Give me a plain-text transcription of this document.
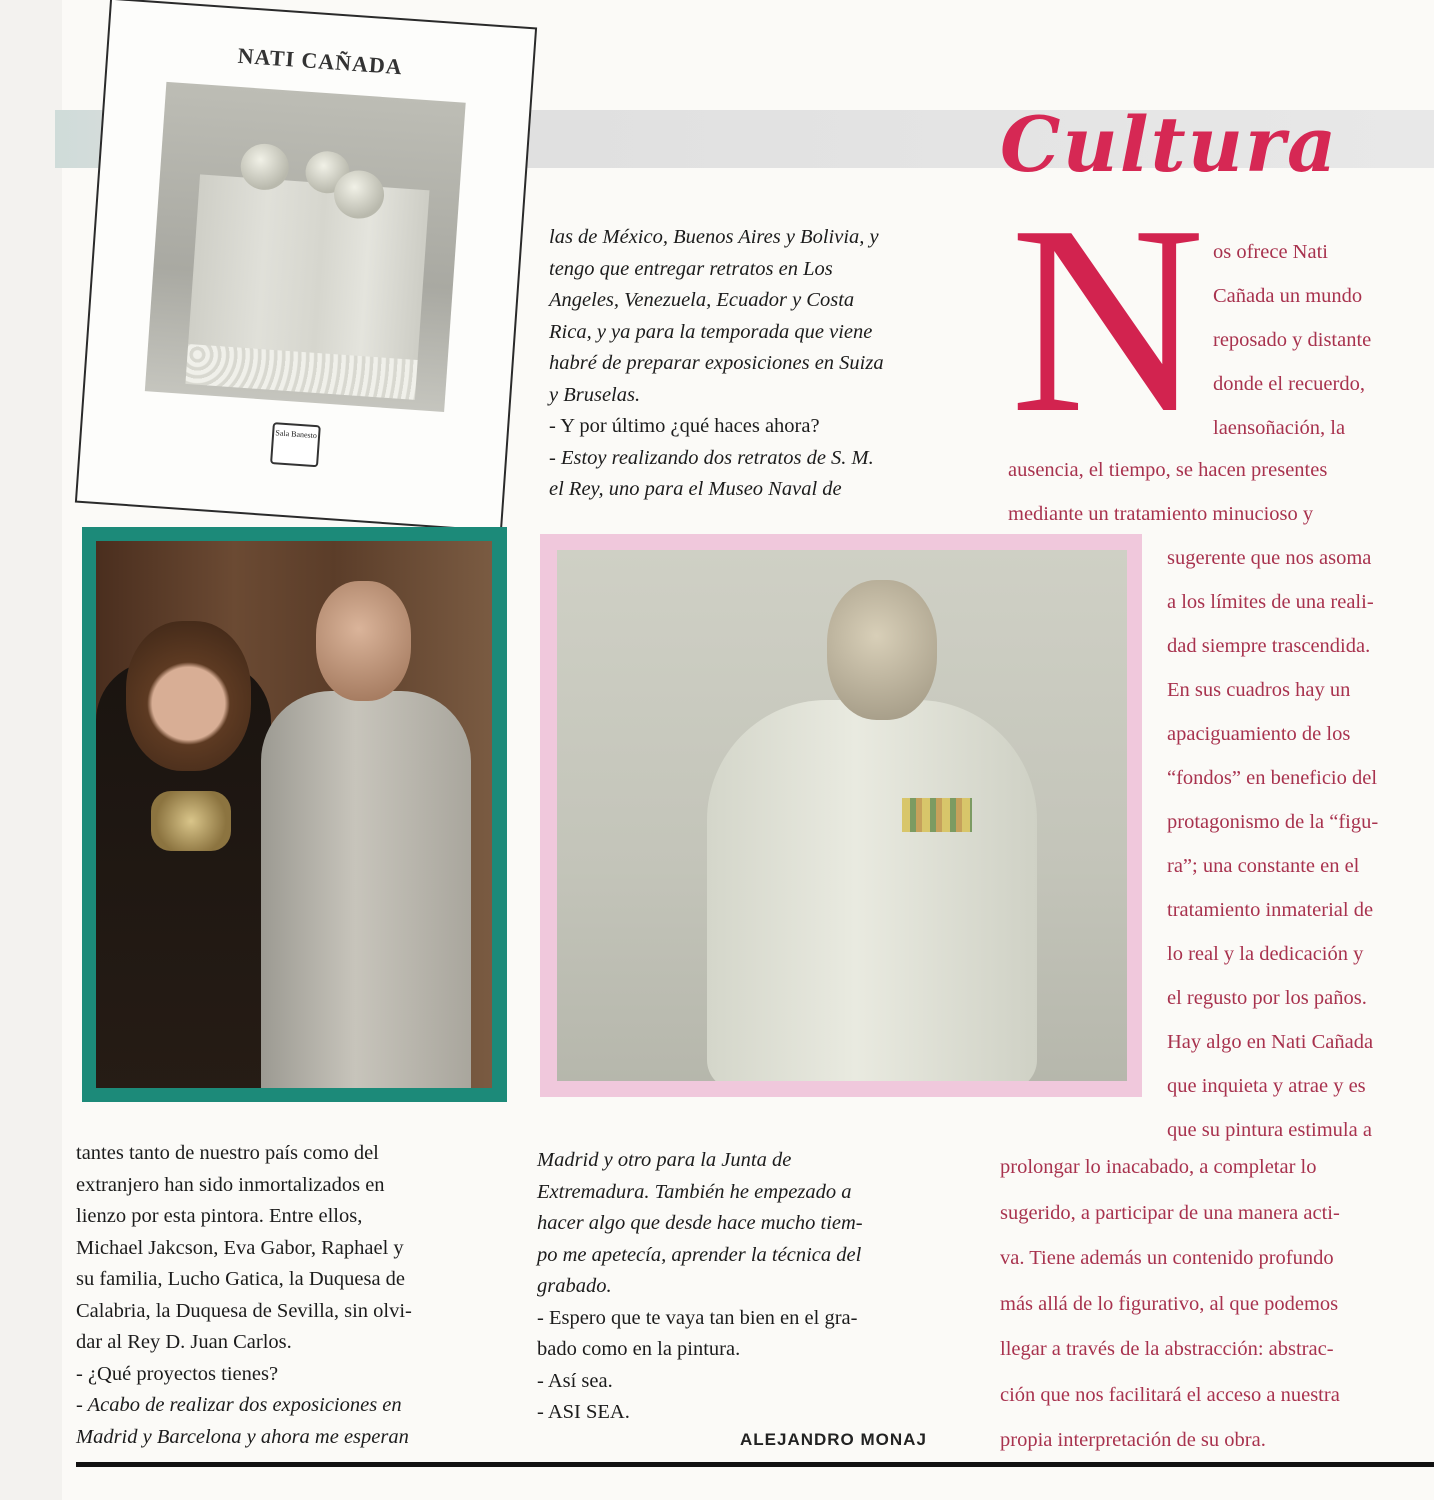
NATI CAÑADA
Sala Banesto
Cultura

las de México, Buenos Aires y Bolivia, y

tengo que entregar retratos en Los

Angeles, Venezuela, Ecuador y Costa

Rica, y ya para la temporada que viene

habré de preparar exposiciones en Suiza

y Bruselas.

- Y por último ¿qué haces ahora?

- Estoy realizando dos retratos de S. M.

el Rey, uno para el Museo Naval de

tantes tanto de nuestro país como del

extranjero han sido inmortalizados en

lienzo por esta pintora. Entre ellos,

Michael Jakcson, Eva Gabor, Raphael y

su familia, Lucho Gatica, la Duquesa de

Calabria, la Duquesa de Sevilla, sin olvi-

dar al Rey D. Juan Carlos.

- ¿Qué proyectos tienes?

- Acabo de realizar dos exposiciones en

Madrid y Barcelona y ahora me esperan

Madrid y otro para la Junta de

Extremadura. También he empezado a

hacer algo que desde hace mucho tiem-

po me apetecía, aprender la técnica del

grabado.

- Espero que te vaya tan bien en el gra-

bado como en la pintura.

- Así sea.

- ASI SEA.

ALEJANDRO MONAJ
N os ofrece Nati

Cañada un mundo

reposado y distante

donde el recuerdo,

laensoñación, la

ausencia, el tiempo, se hacen presentes

mediante un tratamiento minucioso y

sugerente que nos asoma

a los límites de una reali-

dad siempre trascendida.

En sus cuadros hay un

apaciguamiento de los

“fondos” en beneficio del

protagonismo de la “figu-

ra”; una constante en el

tratamiento inmaterial de

lo real y la dedicación y

el regusto por los paños.

Hay algo en Nati Cañada

que inquieta y atrae y es

que su pintura estimula a

prolongar lo inacabado, a completar lo

sugerido, a participar de una manera acti-

va. Tiene además un contenido profundo

más allá de lo figurativo, al que podemos

llegar a través de la abstracción: abstrac-

ción que nos facilitará el acceso a nuestra

propia interpretación de su obra.
